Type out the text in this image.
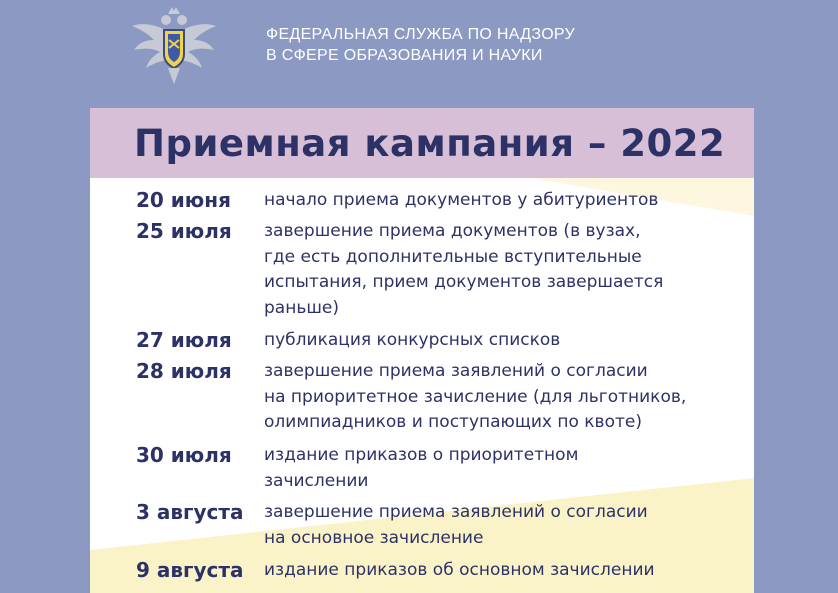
ФЕДЕРАЛЬНАЯ СЛУЖБА ПО НАДЗОРУ
В СФЕРЕ ОБРАЗОВАНИЯ И НАУКИ
Приемная кампания – 2022
20 июня начало приема документов у абитуриентов
25 июля завершение приема документов (в вузах,
где есть дополнительные вступительные
испытания, прием документов завершается
раньше)
27 июля публикация конкурсных списков
28 июля завершение приема заявлений о согласии
на приоритетное зачисление (для льготников,
олимпиадников и поступающих по квоте)
30 июля издание приказов о приоритетном
зачислении
3 августа завершение приема заявлений о согласии
на основное зачисление
9 августа издание приказов об основном зачислении
